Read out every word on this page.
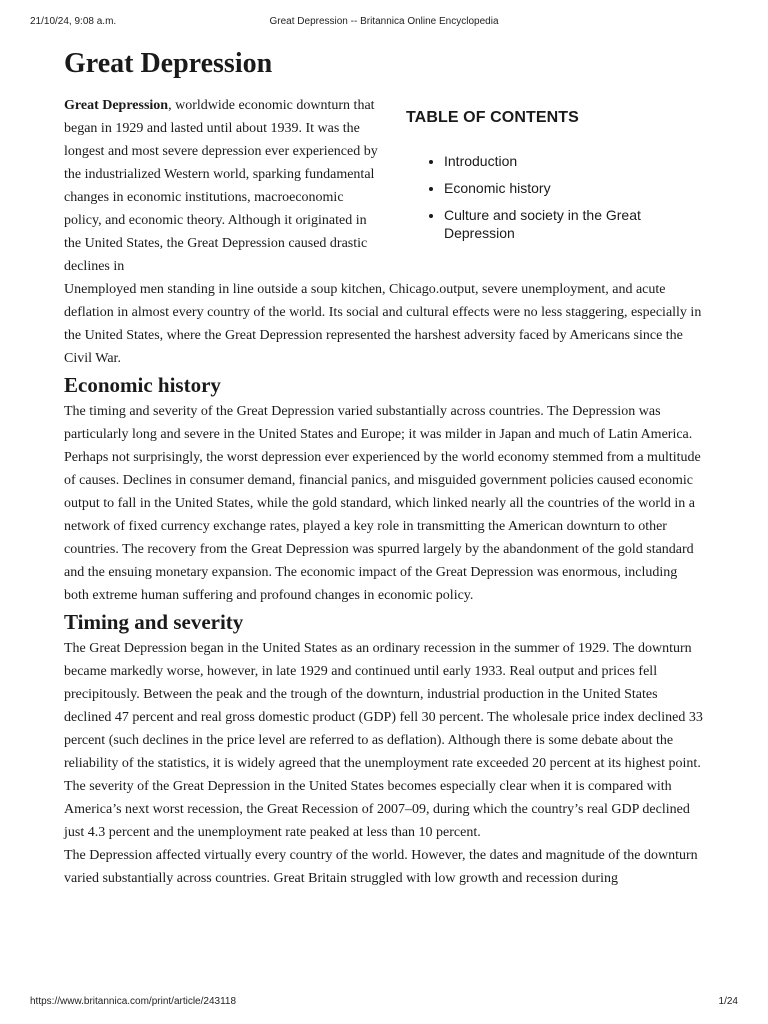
21/10/24, 9:08 a.m.	Great Depression -- Britannica Online Encyclopedia
Great Depression

Great Depression, worldwide economic downturn that began in 1929 and lasted until about 1939. It was the longest and most severe depression ever experienced by the industrialized Western world, sparking fundamental changes in economic institutions, macroeconomic policy, and economic theory. Although it originated in the United States, the Great Depression caused drastic declines in

TABLE OF CONTENTS
• Introduction
• Economic history
• Culture and society in the Great Depression

Unemployed men standing in line outside a soup kitchen, Chicago.output, severe unemployment, and acute deflation in almost every country of the world. Its social and cultural effects were no less staggering, especially in the United States, where the Great Depression represented the harshest adversity faced by Americans since the Civil War.

Economic history

The timing and severity of the Great Depression varied substantially across countries. The Depression was particularly long and severe in the United States and Europe; it was milder in Japan and much of Latin America. Perhaps not surprisingly, the worst depression ever experienced by the world economy stemmed from a multitude of causes. Declines in consumer demand, financial panics, and misguided government policies caused economic output to fall in the United States, while the gold standard, which linked nearly all the countries of the world in a network of fixed currency exchange rates, played a key role in transmitting the American downturn to other countries. The recovery from the Great Depression was spurred largely by the abandonment of the gold standard and the ensuing monetary expansion. The economic impact of the Great Depression was enormous, including both extreme human suffering and profound changes in economic policy.

Timing and severity

The Great Depression began in the United States as an ordinary recession in the summer of 1929. The downturn became markedly worse, however, in late 1929 and continued until early 1933. Real output and prices fell precipitously. Between the peak and the trough of the downturn, industrial production in the United States declined 47 percent and real gross domestic product (GDP) fell 30 percent. The wholesale price index declined 33 percent (such declines in the price level are referred to as deflation). Although there is some debate about the reliability of the statistics, it is widely agreed that the unemployment rate exceeded 20 percent at its highest point. The severity of the Great Depression in the United States becomes especially clear when it is compared with America’s next worst recession, the Great Recession of 2007–09, during which the country’s real GDP declined just 4.3 percent and the unemployment rate peaked at less than 10 percent.

The Depression affected virtually every country of the world. However, the dates and magnitude of the downturn varied substantially across countries. Great Britain struggled with low growth and recession during

https://www.britannica.com/print/article/243118	1/24
